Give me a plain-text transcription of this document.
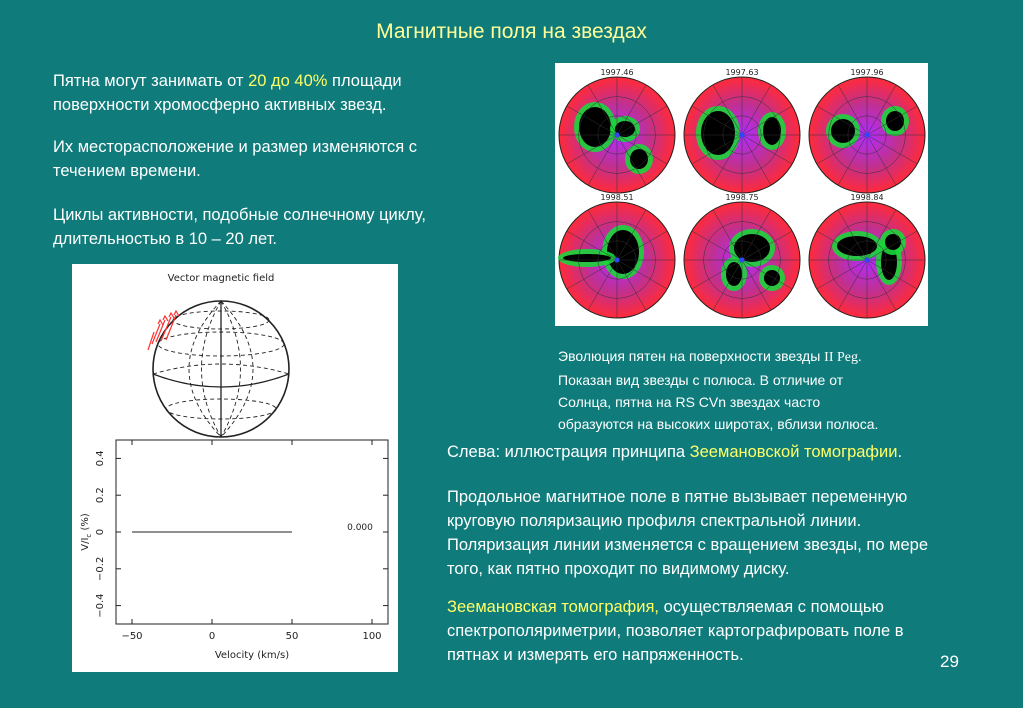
Магнитные поля на звездах
Пятна могут занимать от 20 до 40% площади
поверхности хромосферно активных звезд.
Их месторасположение и размер изменяются с
течением времени.
Циклы активности, подобные солнечному циклу,
длительностью в 10 – 20 лет.
1997.46	1997.63	1997.96
1998.51	1998.75	1998.84
Эволюция пятен на поверхности звезды II Peg.
Показан вид звезды с полюса. В отличие от
Солнца, пятна на RS CVn звездах часто
образуются на высоких широтах, вблизи полюса.
Vector magnetic field
−50	0	50	100
0.4
0.2
0
−0.2
−0.4
0.000
Velocity (km/s)
$V/I_c$ (%)
Слева: иллюстрация принципа Зеемановской томографии.
Продольное магнитное поле в пятне вызывает переменную
круговую поляризацию профиля спектральной линии.
Поляризация линии изменяется с вращением звезды, по мере
того, как пятно проходит по видимому диску.
Зеемановская томография, осуществляемая с помощью
спектрополяриметрии, позволяет картографировать поле в
пятнах и измерять его напряженность.	29
